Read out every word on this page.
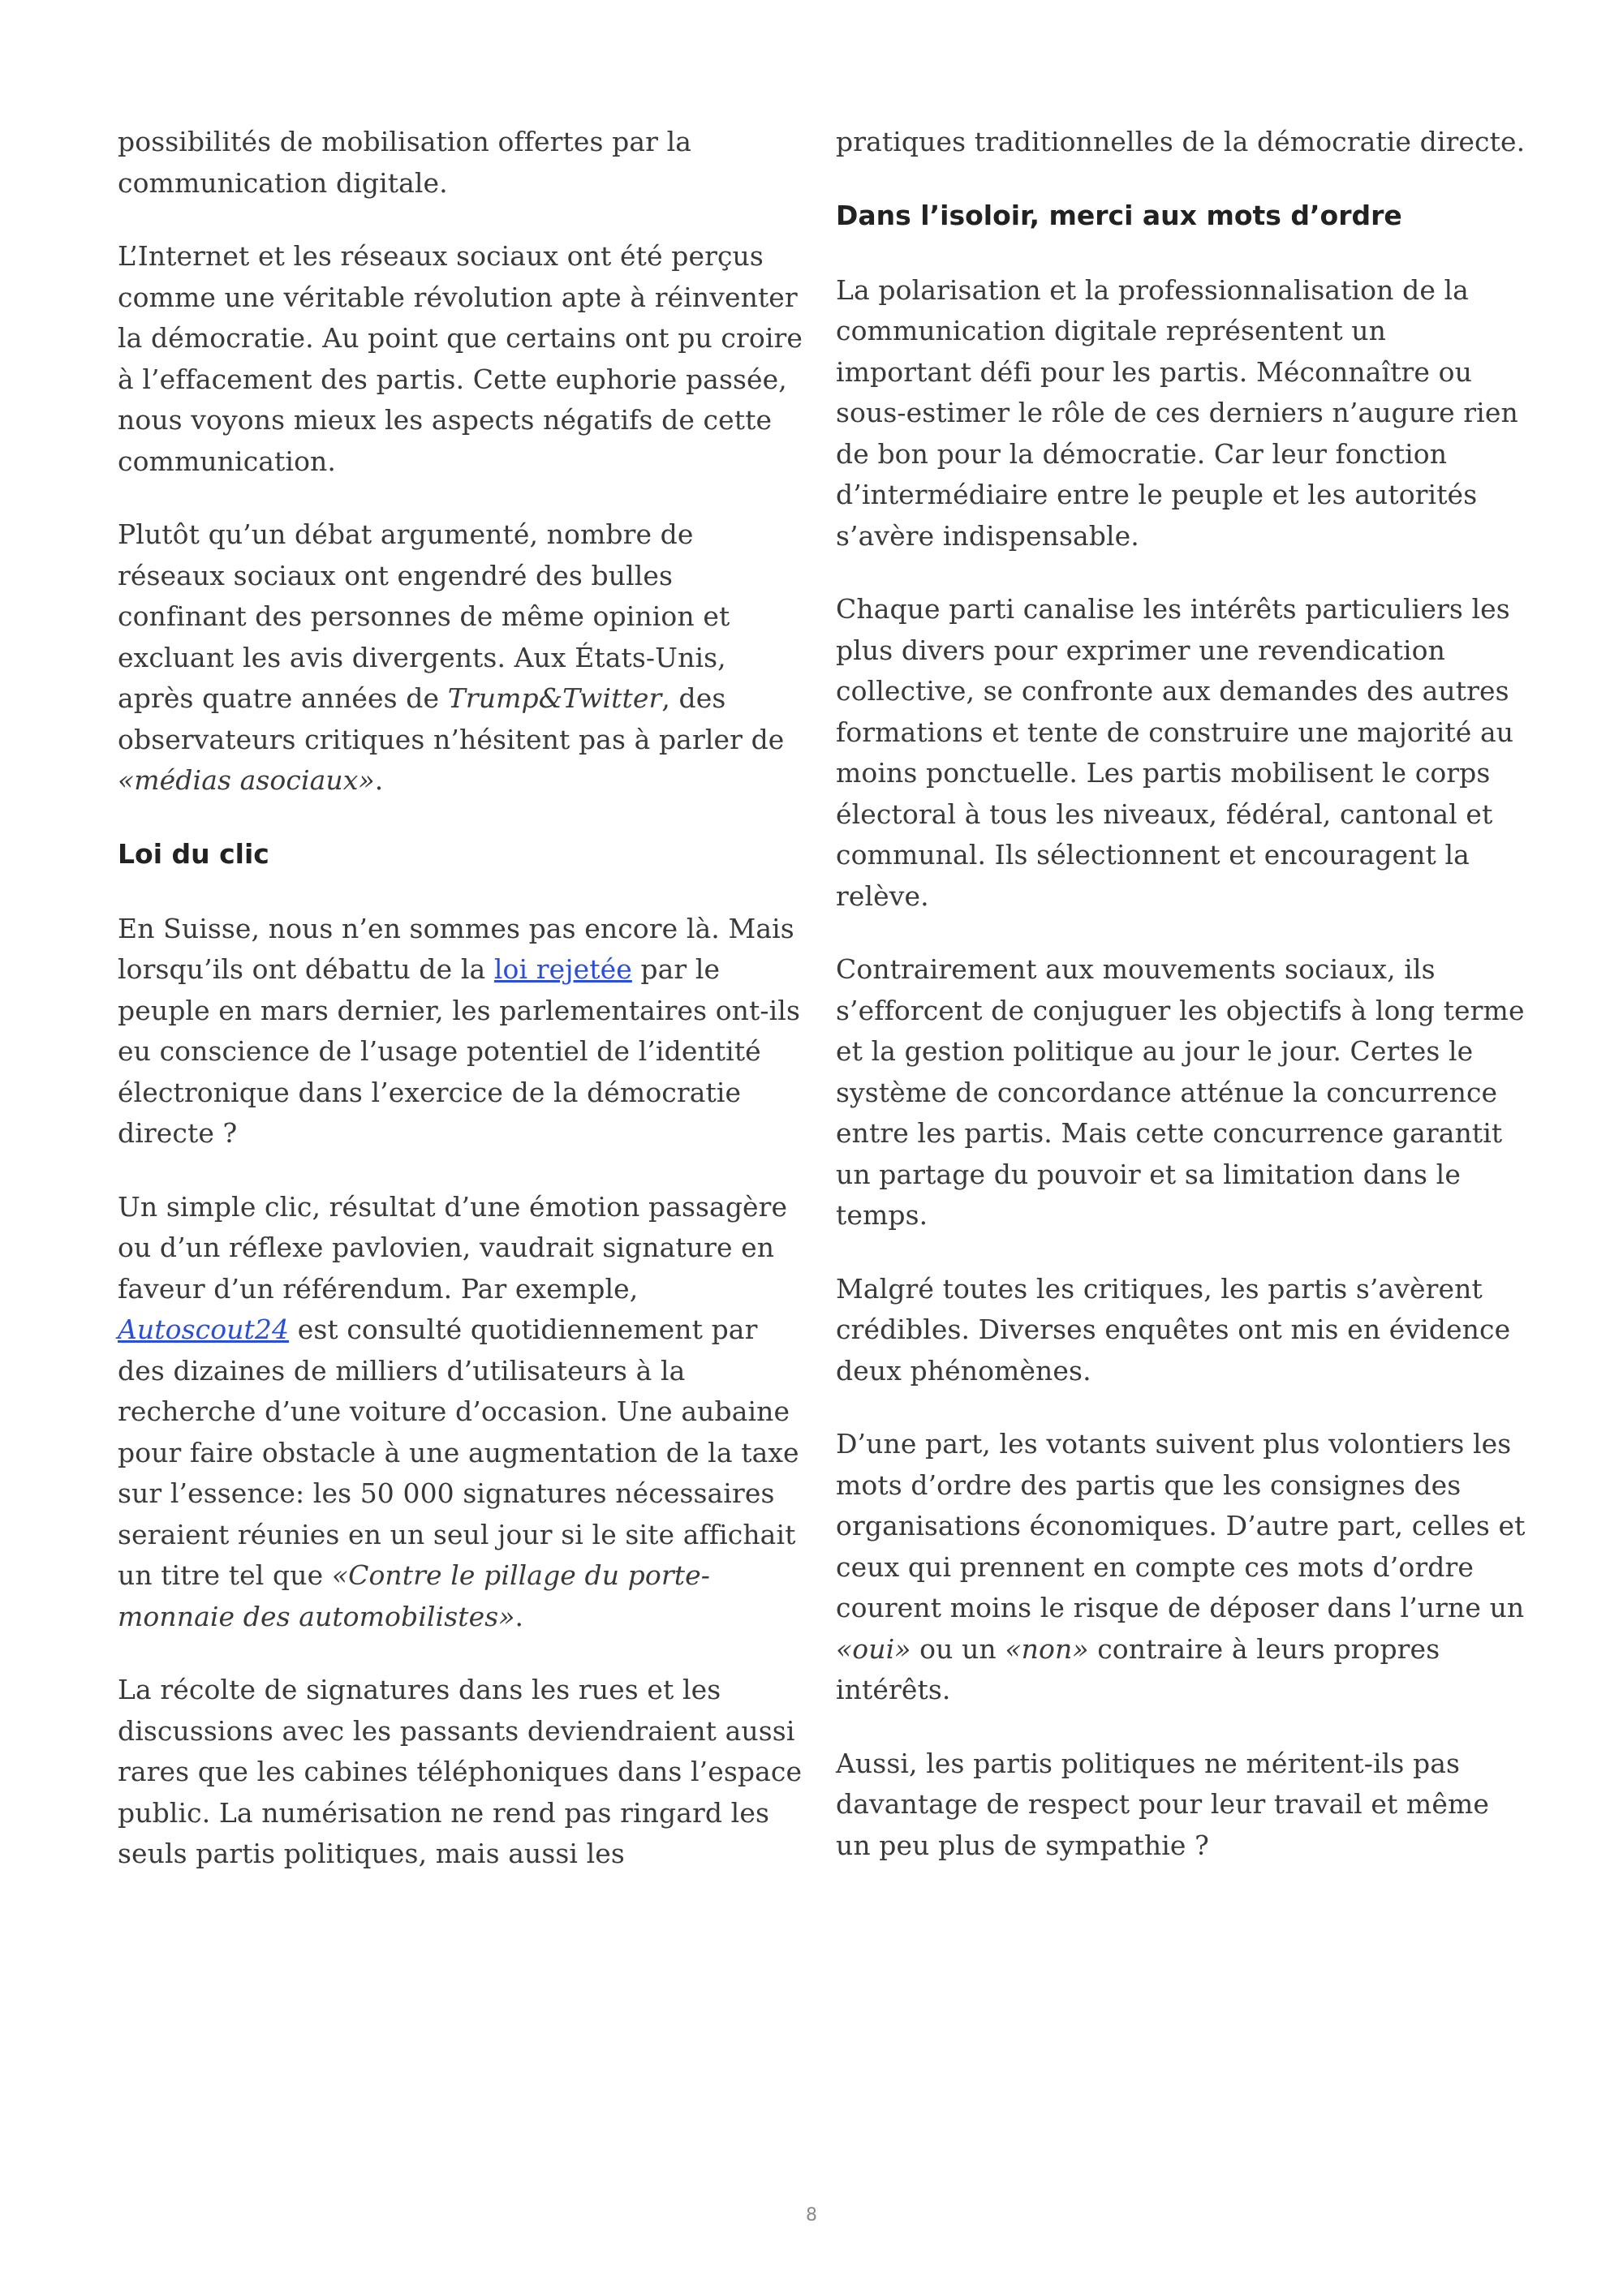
possibilités de mobilisation offertes par la communication digitale.

L’Internet et les réseaux sociaux ont été perçus comme une véritable révolution apte à réinventer la démocratie. Au point que certains ont pu croire à l’effacement des partis. Cette euphorie passée, nous voyons mieux les aspects négatifs de cette communication.

Plutôt qu’un débat argumenté, nombre de réseaux sociaux ont engendré des bulles confinant des personnes de même opinion et excluant les avis divergents. Aux États-Unis, après quatre années de Trump&Twitter, des observateurs critiques n’hésitent pas à parler de «médias asociaux».

Loi du clic

En Suisse, nous n’en sommes pas encore là. Mais lorsqu’ils ont débattu de la loi rejetée par le peuple en mars dernier, les parlementaires ont-ils eu conscience de l’usage potentiel de l’identité électronique dans l’exercice de la démocratie directe ?

Un simple clic, résultat d’une émotion passagère ou d’un réflexe pavlovien, vaudrait signature en faveur d’un référendum. Par exemple, Autoscout24 est consulté quotidiennement par des dizaines de milliers d’utilisateurs à la recherche d’une voiture d’occasion. Une aubaine pour faire obstacle à une augmentation de la taxe sur l’essence: les 50 000 signatures nécessaires seraient réunies en un seul jour si le site affichait un titre tel que «Contre le pillage du porte-monnaie des automobilistes».

La récolte de signatures dans les rues et les discussions avec les passants deviendraient aussi rares que les cabines téléphoniques dans l’espace public. La numérisation ne rend pas ringard les seuls partis politiques, mais aussi les

pratiques traditionnelles de la démocratie directe.

Dans l’isoloir, merci aux mots d’ordre

La polarisation et la professionnalisation de la communication digitale représentent un important défi pour les partis. Méconnaître ou sous-estimer le rôle de ces derniers n’augure rien de bon pour la démocratie. Car leur fonction d’intermédiaire entre le peuple et les autorités s’avère indispensable.

Chaque parti canalise les intérêts particuliers les plus divers pour exprimer une revendication collective, se confronte aux demandes des autres formations et tente de construire une majorité au moins ponctuelle. Les partis mobilisent le corps électoral à tous les niveaux, fédéral, cantonal et communal. Ils sélectionnent et encouragent la relève.

Contrairement aux mouvements sociaux, ils s’efforcent de conjuguer les objectifs à long terme et la gestion politique au jour le jour. Certes le système de concordance atténue la concurrence entre les partis. Mais cette concurrence garantit un partage du pouvoir et sa limitation dans le temps.

Malgré toutes les critiques, les partis s’avèrent crédibles. Diverses enquêtes ont mis en évidence deux phénomènes.

D’une part, les votants suivent plus volontiers les mots d’ordre des partis que les consignes des organisations économiques. D’autre part, celles et ceux qui prennent en compte ces mots d’ordre courent moins le risque de déposer dans l’urne un «oui» ou un «non» contraire à leurs propres intérêts.

Aussi, les partis politiques ne méritent-ils pas davantage de respect pour leur travail et même un peu plus de sympathie ?

8
